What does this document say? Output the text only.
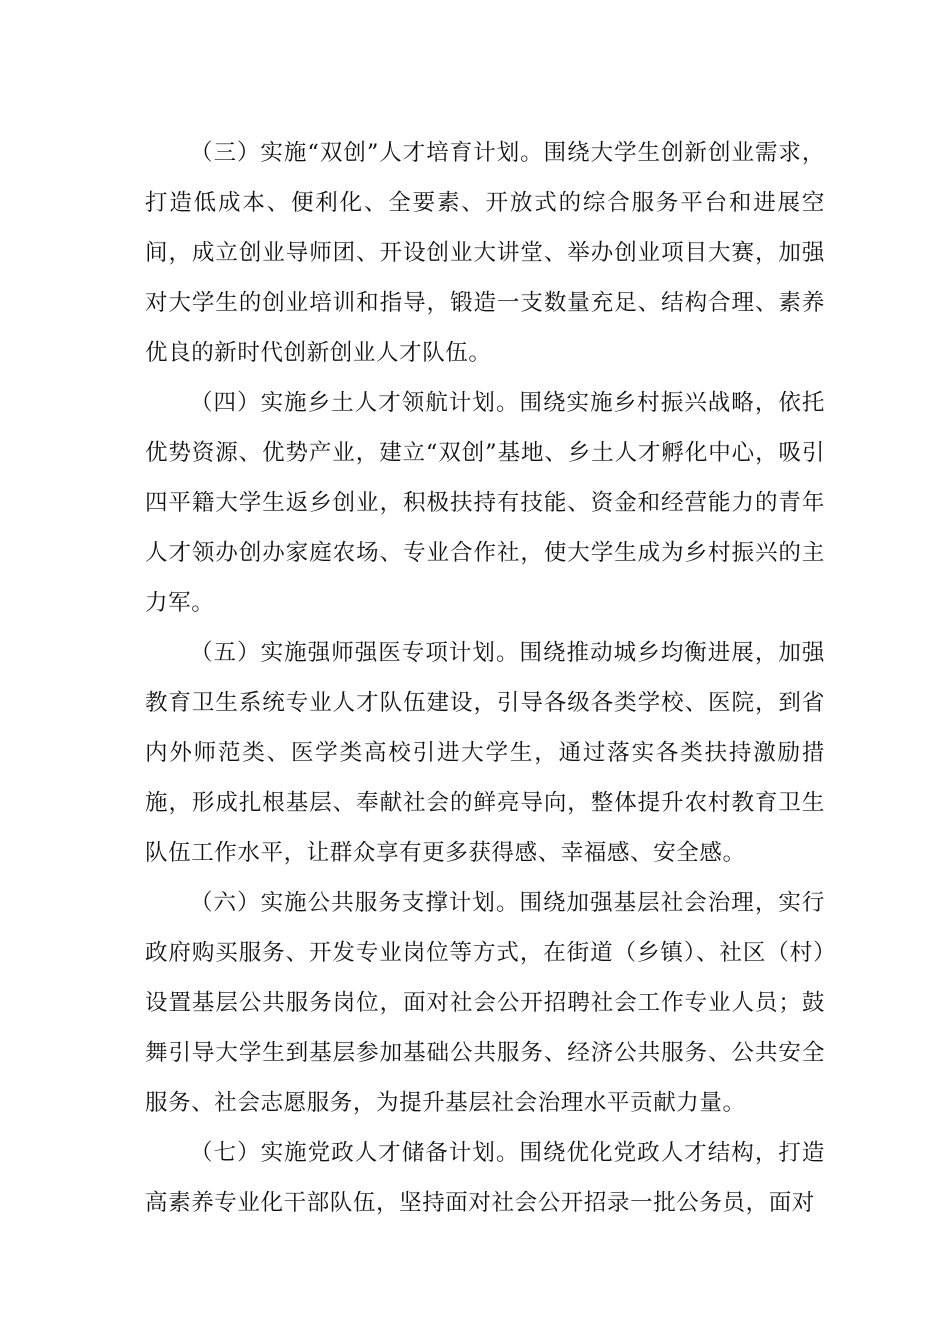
（三）实施“双创”人才培育计划。围绕大学生创新创业需求，打造低成本、便利化、全要素、开放式的综合服务平台和进展空间，成立创业导师团、开设创业大讲堂、举办创业项目大赛，加强对大学生的创业培训和指导，锻造一支数量充足、结构合理、素养优良的新时代创新创业人才队伍。

（四）实施乡土人才领航计划。围绕实施乡村振兴战略，依托优势资源、优势产业，建立“双创”基地、乡土人才孵化中心，吸引四平籍大学生返乡创业，积极扶持有技能、资金和经营能力的青年人才领办创办家庭农场、专业合作社，使大学生成为乡村振兴的主力军。

（五）实施强师强医专项计划。围绕推动城乡均衡进展，加强教育卫生系统专业人才队伍建设，引导各级各类学校、医院，到省内外师范类、医学类高校引进大学生，通过落实各类扶持激励措施，形成扎根基层、奉献社会的鲜亮导向，整体提升农村教育卫生队伍工作水平，让群众享有更多获得感、幸福感、安全感。

（六）实施公共服务支撑计划。围绕加强基层社会治理，实行政府购买服务、开发专业岗位等方式，在街道（乡镇）、社区（村）设置基层公共服务岗位，面对社会公开招聘社会工作专业人员；鼓舞引导大学生到基层参加基础公共服务、经济公共服务、公共安全服务、社会志愿服务，为提升基层社会治理水平贡献力量。

（七）实施党政人才储备计划。围绕优化党政人才结构，打造高素养专业化干部队伍，坚持面对社会公开招录一批公务员，面对
